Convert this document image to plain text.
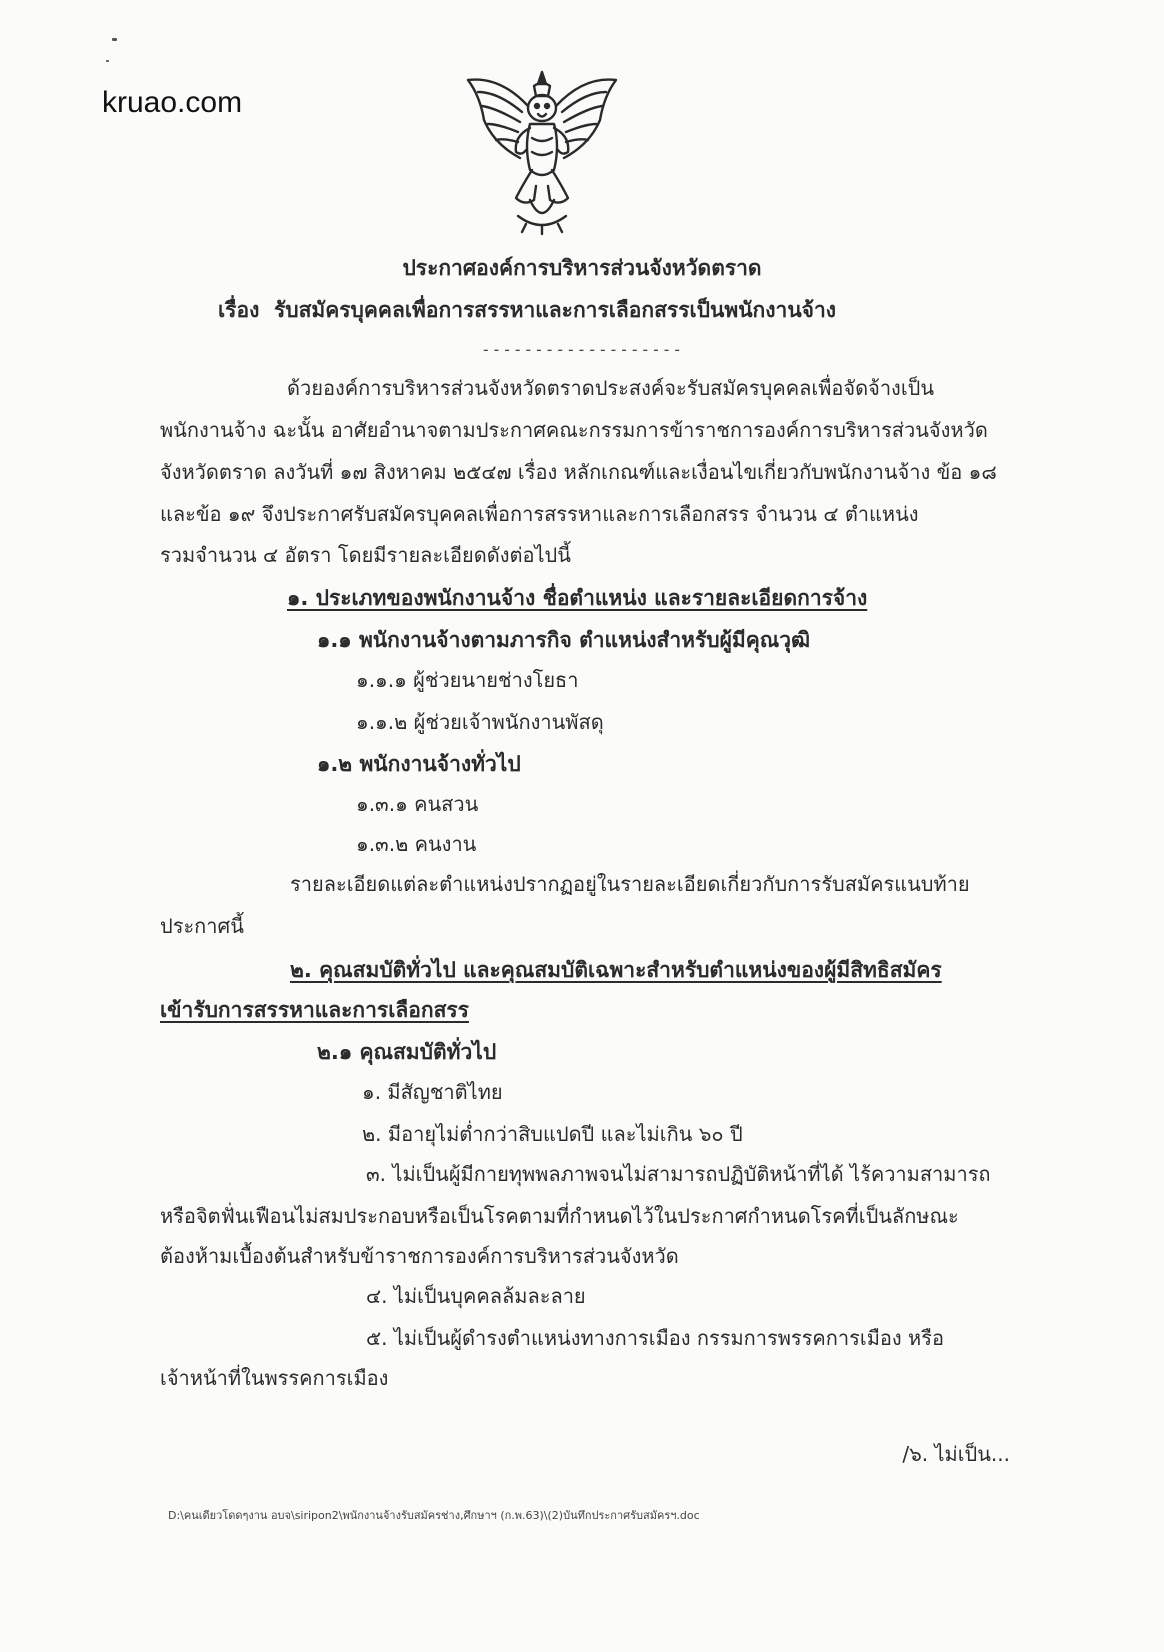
kruao.com
ประกาศองค์การบริหารส่วนจังหวัดตราด
เรื่อง รับสมัครบุคคลเพื่อการสรรหาและการเลือกสรรเป็นพนักงานจ้าง
-------------------
ด้วยองค์การบริหารส่วนจังหวัดตราดประสงค์จะรับสมัครบุคคลเพื่อจัดจ้างเป็น
พนักงานจ้าง ฉะนั้น อาศัยอำนาจตามประกาศคณะกรรมการข้าราชการองค์การบริหารส่วนจังหวัด
จังหวัดตราด ลงวันที่ ๑๗ สิงหาคม ๒๕๔๗ เรื่อง หลักเกณฑ์และเงื่อนไขเกี่ยวกับพนักงานจ้าง ข้อ ๑๘
และข้อ ๑๙ จึงประกาศรับสมัครบุคคลเพื่อการสรรหาและการเลือกสรร จำนวน ๔ ตำแหน่ง
รวมจำนวน ๔ อัตรา โดยมีรายละเอียดดังต่อไปนี้
๑. ประเภทของพนักงานจ้าง ชื่อตำแหน่ง และรายละเอียดการจ้าง
๑.๑ พนักงานจ้างตามภารกิจ ตำแหน่งสำหรับผู้มีคุณวุฒิ
๑.๑.๑ ผู้ช่วยนายช่างโยธา
๑.๑.๒ ผู้ช่วยเจ้าพนักงานพัสดุ
๑.๒ พนักงานจ้างทั่วไป
๑.๓.๑ คนสวน
๑.๓.๒ คนงาน
รายละเอียดแต่ละตำแหน่งปรากฏอยู่ในรายละเอียดเกี่ยวกับการรับสมัครแนบท้าย
ประกาศนี้
๒. คุณสมบัติทั่วไป และคุณสมบัติเฉพาะสำหรับตำแหน่งของผู้มีสิทธิสมัคร
เข้ารับการสรรหาและการเลือกสรร
๒.๑ คุณสมบัติทั่วไป
๑. มีสัญชาติไทย
๒. มีอายุไม่ต่ำกว่าสิบแปดปี และไม่เกิน ๖๐ ปี
๓. ไม่เป็นผู้มีกายทุพพลภาพจนไม่สามารถปฏิบัติหน้าที่ได้ ไร้ความสามารถ
หรือจิตฟั่นเฟือนไม่สมประกอบหรือเป็นโรคตามที่กำหนดไว้ในประกาศกำหนดโรคที่เป็นลักษณะ
ต้องห้ามเบื้องต้นสำหรับข้าราชการองค์การบริหารส่วนจังหวัด
๔. ไม่เป็นบุคคลล้มละลาย
๕. ไม่เป็นผู้ดำรงตำแหน่งทางการเมือง กรรมการพรรคการเมือง หรือ
เจ้าหน้าที่ในพรรคการเมือง
/๖. ไม่เป็น...
D:\คนเดียวโดดๆงาน อบจ\siripon2\พนักงานจ้างรับสมัครช่าง,ศึกษาฯ (ก.พ.63)\(2)บันทึกประกาศรับสมัครฯ.doc
